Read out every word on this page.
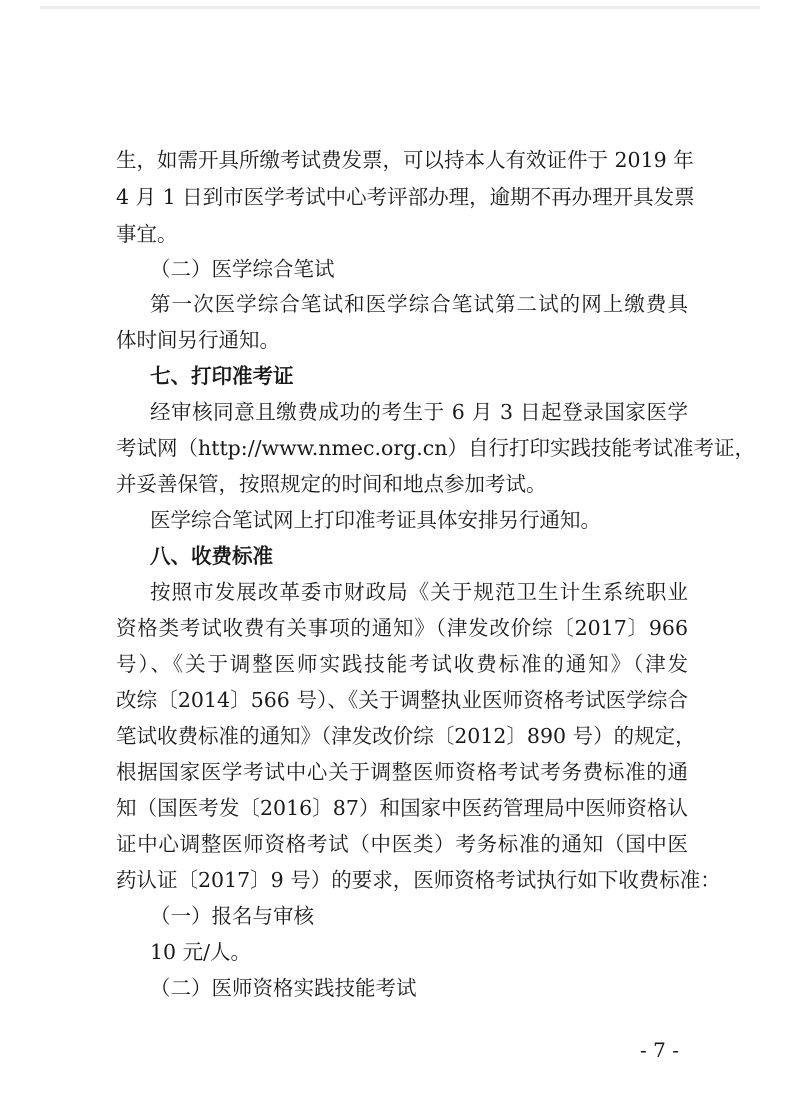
生，如需开具所缴考试费发票，可以持本人有效证件于 2019 年
4 月 1 日到市医学考试中心考评部办理，逾期不再办理开具发票
事宜。
（二）医学综合笔试
第一次医学综合笔试和医学综合笔试第二试的网上缴费具
体时间另行通知。
七、打印准考证
经审核同意且缴费成功的考生于 6 月 3 日起登录国家医学
考试网（http://www.nmec.org.cn）自行打印实践技能考试准考证，
并妥善保管，按照规定的时间和地点参加考试。
医学综合笔试网上打印准考证具体安排另行通知。
八、收费标准
按照市发展改革委市财政局《关于规范卫生计生系统职业
资格类考试收费有关事项的通知》（津发改价综〔2017〕966
号）、《关于调整医师实践技能考试收费标准的通知》（津发
改综〔2014〕566 号）、《关于调整执业医师资格考试医学综合
笔试收费标准的通知》（津发改价综〔2012〕890 号）的规定，
根据国家医学考试中心关于调整医师资格考试考务费标准的通
知（国医考发〔2016〕87）和国家中医药管理局中医师资格认
证中心调整医师资格考试（中医类）考务标准的通知（国中医
药认证〔2017〕9 号）的要求，医师资格考试执行如下收费标准：
（一）报名与审核
10 元/人。
（二）医师资格实践技能考试
- 7 -
